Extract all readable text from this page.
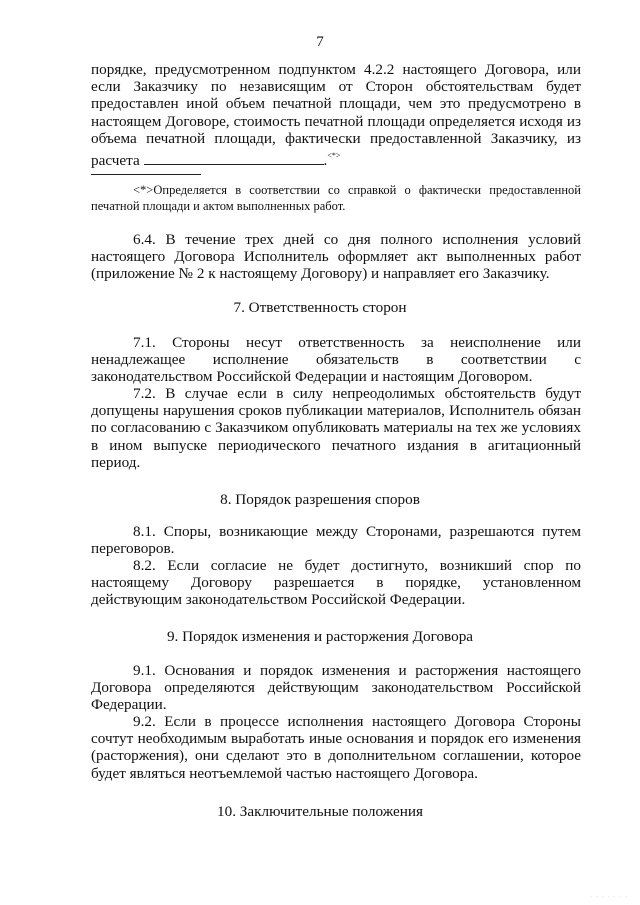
7
порядке, предусмотренном подпунктом 4.2.2 настоящего Договора, или если Заказчику по независящим от Сторон обстоятельствам будет предоставлен иной объем печатной площади, чем это предусмотрено в настоящем Договоре, стоимость печатной площади определяется исходя из объема печатной площади, фактически предоставленной Заказчику, из расчета	.<*>
<*>Определяется в соответствии со справкой о фактически предоставленной печатной площади и актом выполненных работ.
6.4. В течение трех дней со дня полного исполнения условий настоящего Договора Исполнитель оформляет акт выполненных работ (приложение № 2 к настоящему Договору) и направляет его Заказчику.
7. Ответственность сторон
7.1. Стороны несут ответственность за неисполнение или ненадлежащее исполнение обязательств в соответствии с законодательством Российской Федерации и настоящим Договором.
7.2. В случае если в силу непреодолимых обстоятельств будут допущены нарушения сроков публикации материалов, Исполнитель обязан по согласованию с Заказчиком опубликовать материалы на тех же условиях в ином выпуске периодического печатного издания в агитационный период.
8. Порядок разрешения споров
8.1. Споры, возникающие между Сторонами, разрешаются путем переговоров.
8.2. Если согласие не будет достигнуто, возникший спор по настоящему Договору разрешается в порядке, установленном действующим законодательством Российской Федерации.
9. Порядок изменения и расторжения Договора
9.1. Основания и порядок изменения и расторжения настоящего Договора определяются действующим законодательством Российской Федерации.
9.2. Если в процессе исполнения настоящего Договора Стороны сочтут необходимым выработать иные основания и порядок его изменения (расторжения), они сделают это в дополнительном соглашении, которое будет являться неотъемлемой частью настоящего Договора.
10. Заключительные положения
· · · · · · ·
